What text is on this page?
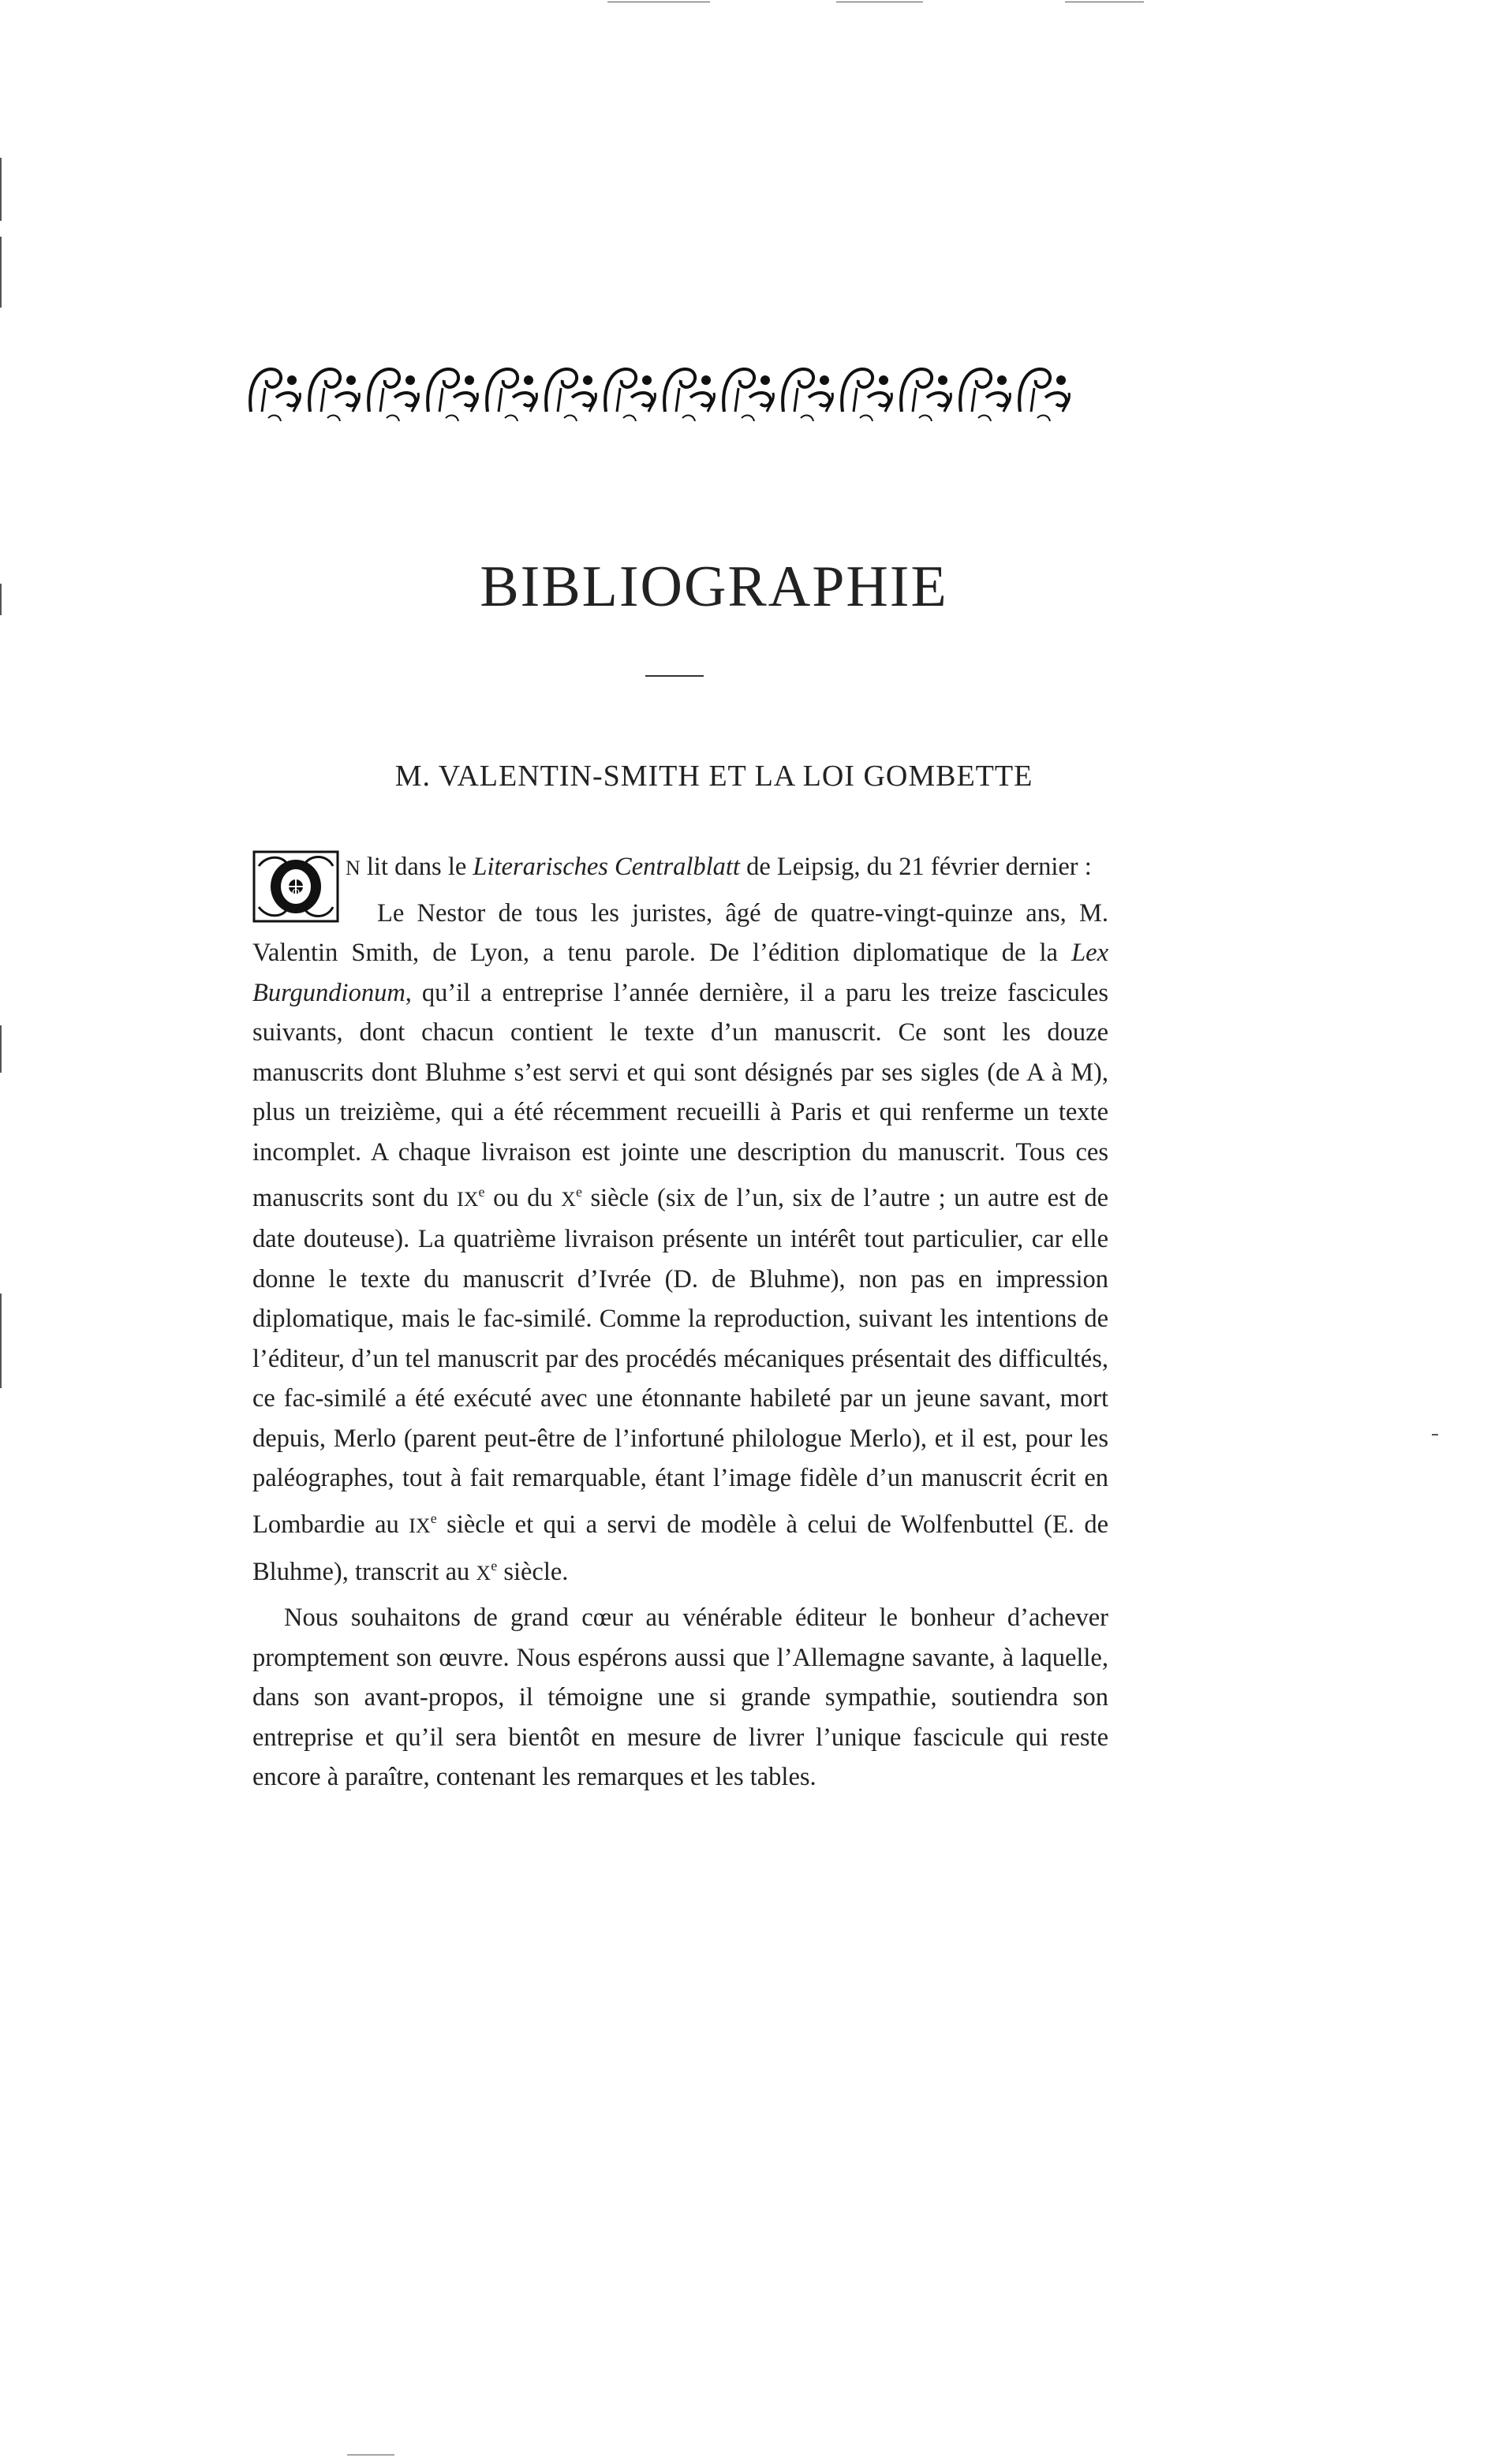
BIBLIOGRAPHIE
M. VALENTIN-SMITH ET LA LOI GOMBETTE

O
N lit dans le Literarisches Centralblatt de Leipsig, du 21 février dernier :

Le Nestor de tous les juristes, âgé de quatre-vingt-quinze ans, M. Valentin Smith, de Lyon, a tenu parole. De l’édition diplomatique de la Lex Burgundionum, qu’il a entreprise l’année dernière, il a paru les treize fascicules suivants, dont chacun contient le texte d’un manuscrit. Ce sont les douze manuscrits dont Bluhme s’est servi et qui sont désignés par ses sigles (de A à M), plus un treizième, qui a été récemment recueilli à Paris et qui renferme un texte incomplet. A chaque livraison est jointe une description du manuscrit. Tous ces manuscrits sont du IXe ou du Xe siècle (six de l’un, six de l’autre ; un autre est de date douteuse). La quatrième livraison présente un intérêt tout particulier, car elle donne le texte du manuscrit d’Ivrée (D. de Bluhme), non pas en impression diplomatique, mais le fac-similé. Comme la reproduction, suivant les intentions de l’éditeur, d’un tel manuscrit par des procédés mécaniques présentait des difficultés, ce fac-similé a été exécuté avec une étonnante habileté par un jeune savant, mort depuis, Merlo (parent peut-être de l’infortuné philologue Merlo), et il est, pour les paléographes, tout à fait remarquable, étant l’image fidèle d’un manuscrit écrit en Lombardie au IXe siècle et qui a servi de modèle à celui de Wolfenbuttel (E. de Bluhme), transcrit au Xe siècle.

Nous souhaitons de grand cœur au vénérable éditeur le bonheur d’achever promptement son œuvre. Nous espérons aussi que l’Allemagne savante, à laquelle, dans son avant-propos, il témoigne une si grande sympathie, soutiendra son entreprise et qu’il sera bientôt en mesure de livrer l’unique fascicule qui reste encore à paraître, contenant les remarques et les tables.
